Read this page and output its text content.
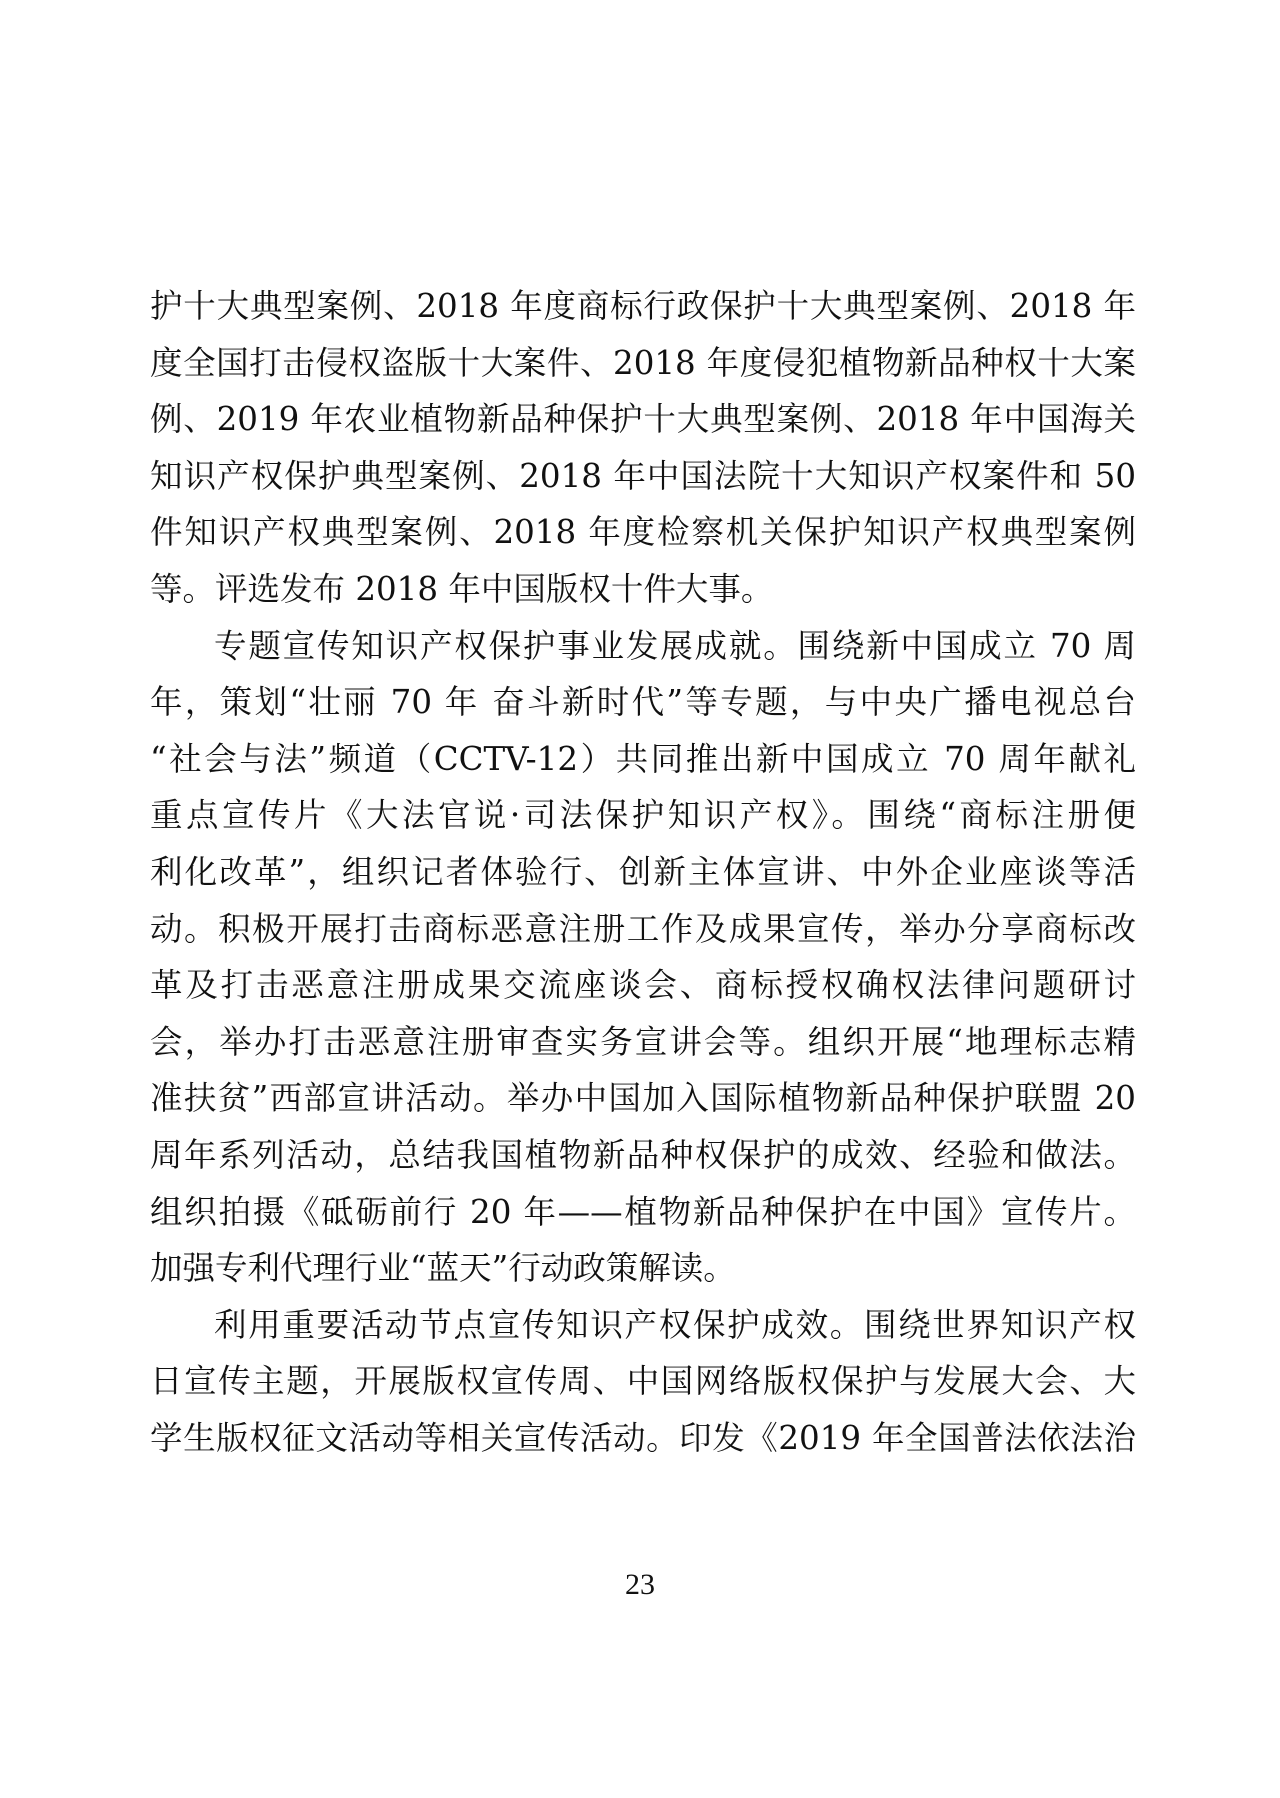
护十大典型案例、2018 年度商标行政保护十大典型案例、2018 年
度全国打击侵权盗版十大案件、2018 年度侵犯植物新品种权十大案
例、2019 年农业植物新品种保护十大典型案例、2018 年中国海关
知识产权保护典型案例、2018 年中国法院十大知识产权案件和 50
件知识产权典型案例、2018 年度检察机关保护知识产权典型案例
等。评选发布 2018 年中国版权十件大事。
专题宣传知识产权保护事业发展成就。围绕新中国成立 70 周
年，策划“壮丽 70 年 奋斗新时代”等专题，与中央广播电视总台
“社会与法”频道（CCTV-12）共同推出新中国成立 70 周年献礼
重点宣传片《大法官说·司法保护知识产权》。围绕“商标注册便
利化改革”，组织记者体验行、创新主体宣讲、中外企业座谈等活
动。积极开展打击商标恶意注册工作及成果宣传，举办分享商标改
革及打击恶意注册成果交流座谈会、商标授权确权法律问题研讨
会，举办打击恶意注册审查实务宣讲会等。组织开展“地理标志精
准扶贫”西部宣讲活动。举办中国加入国际植物新品种保护联盟 20
周年系列活动，总结我国植物新品种权保护的成效、经验和做法。
组织拍摄《砥砺前行 20 年——植物新品种保护在中国》宣传片。
加强专利代理行业“蓝天”行动政策解读。
利用重要活动节点宣传知识产权保护成效。围绕世界知识产权
日宣传主题，开展版权宣传周、中国网络版权保护与发展大会、大
学生版权征文活动等相关宣传活动。印发《2019 年全国普法依法治
23
